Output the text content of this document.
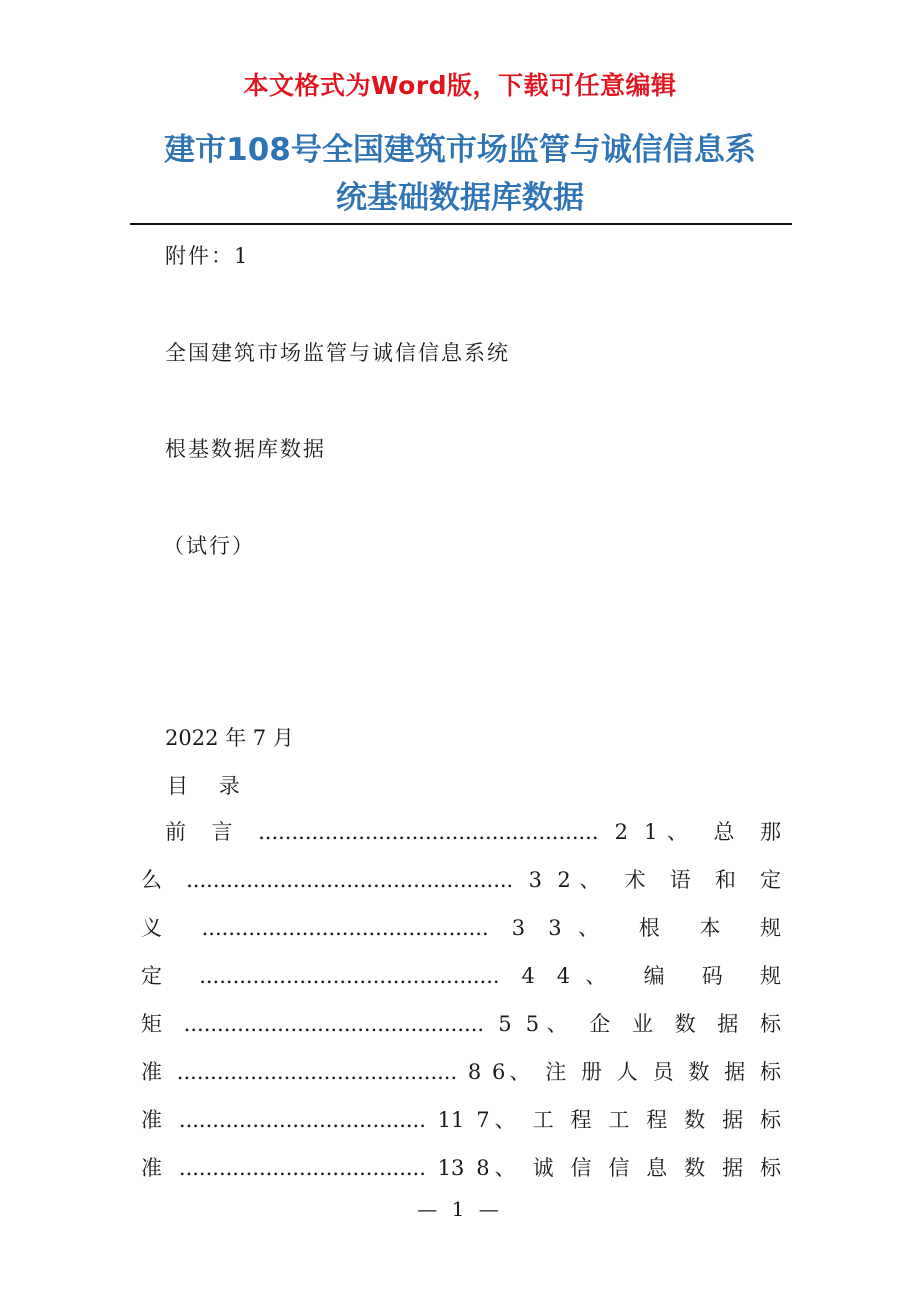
本文格式为Word版，下载可任意编辑
建市108号全国建筑市场监管与诚信信息系
统基础数据库数据
附件：1
全国建筑市场监管与诚信信息系统
根基数据库数据
（试行）
2022 年 7 月
目 录
前 言 ................................................... 2 1、 总 那
么 ................................................. 3 2、 术 语 和 定
义 ........................................... 3 3、 根 本 规
定 ............................................. 4 4、 编 码 规
矩 ............................................. 5 5、 企 业 数 据 标
准 .......................................... 8 6、 注 册 人 员 数 据 标
准 ..................................... 11 7、 工 程 工 程 数 据 标
准 ..................................... 13 8、 诚 信 信 息 数 据 标
— 1 —
